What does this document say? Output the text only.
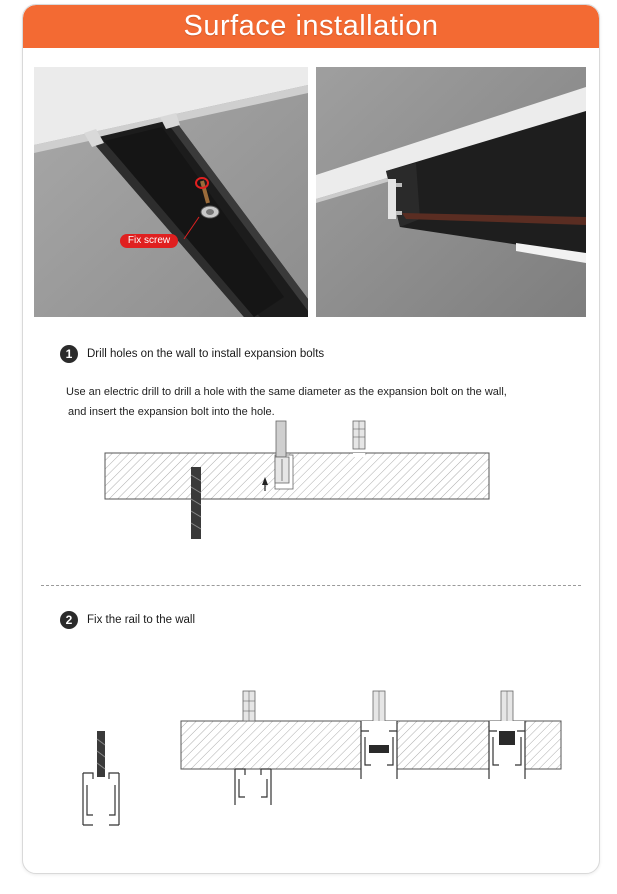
Surface installation
Fix screw
1	Drill holes on the wall to install expansion bolts
Use an electric drill to drill a hole with the same diameter as the expansion bolt on the wall,
and insert the expansion bolt into the hole.
2	Fix the rail to the wall
